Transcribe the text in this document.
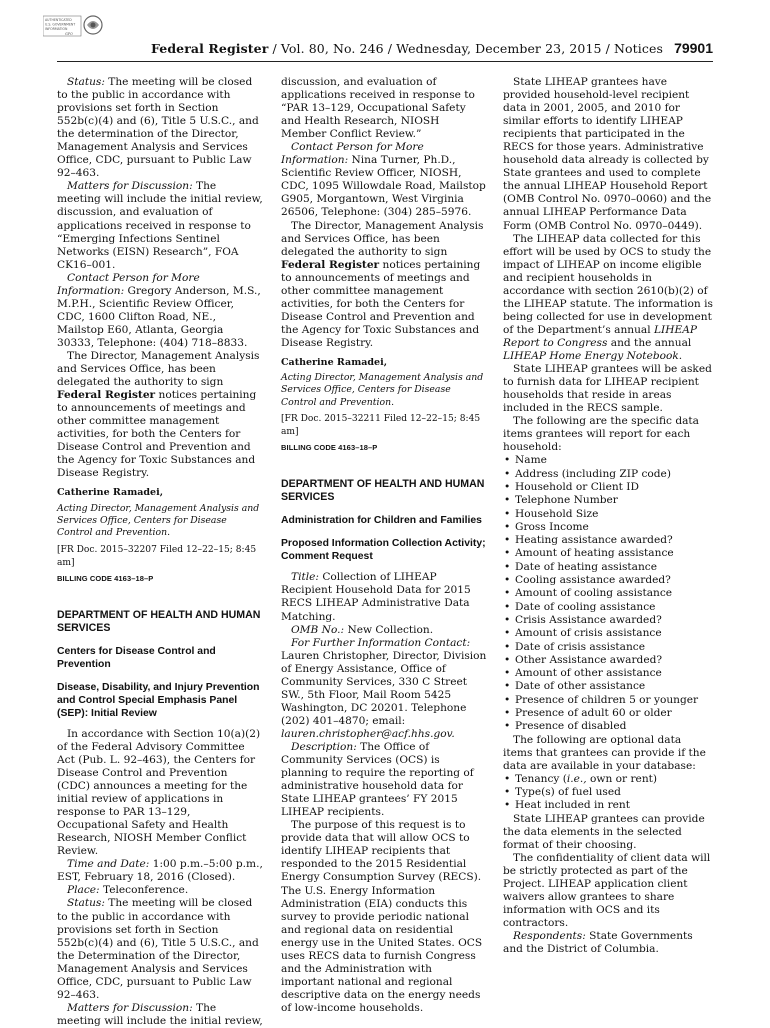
AUTHENTICATED
U.S. GOVERNMENT
INFORMATION
GPO
Federal Register / Vol. 80, No. 246 / Wednesday, December 23, 2015 / Notices 79901

Status: The meeting will be closed to the public in accordance with provisions set forth in Section 552b(c)(4) and (6), Title 5 U.S.C., and the determination of the Director, Management Analysis and Services Office, CDC, pursuant to Public Law 92–463.

Matters for Discussion: The meeting will include the initial review, discussion, and evaluation of applications received in response to “Emerging Infections Sentinel Networks (EISN) Research”, FOA CK16–001.

Contact Person for More Information: Gregory Anderson, M.S., M.P.H., Scientific Review Officer, CDC, 1600 Clifton Road, NE., Mailstop E60, Atlanta, Georgia 30333, Telephone: (404) 718–8833.

The Director, Management Analysis and Services Office, has been delegated the authority to sign Federal Register notices pertaining to announcements of meetings and other committee management activities, for both the Centers for Disease Control and Prevention and the Agency for Toxic Substances and Disease Registry.

Catherine Ramadei,

Acting Director, Management Analysis and Services Office, Centers for Disease Control and Prevention.

[FR Doc. 2015–32207 Filed 12–22–15; 8:45 am]

BILLING CODE 4163–18–P

DEPARTMENT OF HEALTH AND HUMAN SERVICES

Centers for Disease Control and Prevention

Disease, Disability, and Injury Prevention and Control Special Emphasis Panel (SEP): Initial Review

In accordance with Section 10(a)(2) of the Federal Advisory Committee Act (Pub. L. 92–463), the Centers for Disease Control and Prevention (CDC) announces a meeting for the initial review of applications in response to PAR 13–129, Occupational Safety and Health Research, NIOSH Member Conflict Review.

Time and Date: 1:00 p.m.–5:00 p.m., EST, February 18, 2016 (Closed).

Place: Teleconference.

Status: The meeting will be closed to the public in accordance with provisions set forth in Section 552b(c)(4) and (6), Title 5 U.S.C., and the Determination of the Director, Management Analysis and Services Office, CDC, pursuant to Public Law 92–463.

Matters for Discussion: The meeting will include the initial review,

discussion, and evaluation of applications received in response to “PAR 13–129, Occupational Safety and Health Research, NIOSH Member Conflict Review.”

Contact Person for More Information: Nina Turner, Ph.D., Scientific Review Officer, NIOSH, CDC, 1095 Willowdale Road, Mailstop G905, Morgantown, West Virginia 26506, Telephone: (304) 285–5976.

The Director, Management Analysis and Services Office, has been delegated the authority to sign Federal Register notices pertaining to announcements of meetings and other committee management activities, for both the Centers for Disease Control and Prevention and the Agency for Toxic Substances and Disease Registry.

Catherine Ramadei,

Acting Director, Management Analysis and Services Office, Centers for Disease Control and Prevention.

[FR Doc. 2015–32211 Filed 12–22–15; 8:45 am]

BILLING CODE 4163–18–P

DEPARTMENT OF HEALTH AND HUMAN SERVICES

Administration for Children and Families

Proposed Information Collection Activity; Comment Request

Title: Collection of LIHEAP Recipient Household Data for 2015 RECS LIHEAP Administrative Data Matching.

OMB No.: New Collection.

For Further Information Contact: Lauren Christopher, Director, Division of Energy Assistance, Office of Community Services, 330 C Street SW., 5th Floor, Mail Room 5425 Washington, DC 20201. Telephone (202) 401–4870; email: lauren.christopher@acf.hhs.gov.

Description: The Office of Community Services (OCS) is planning to require the reporting of administrative household data for State LIHEAP grantees’ FY 2015 LIHEAP recipients.

The purpose of this request is to provide data that will allow OCS to identify LIHEAP recipients that responded to the 2015 Residential Energy Consumption Survey (RECS). The U.S. Energy Information Administration (EIA) conducts this survey to provide periodic national and regional data on residential energy use in the United States. OCS uses RECS data to furnish Congress and the Administration with important national and regional descriptive data on the energy needs of low-income households.

State LIHEAP grantees have provided household-level recipient data in 2001, 2005, and 2010 for similar efforts to identify LIHEAP recipients that participated in the RECS for those years. Administrative household data already is collected by State grantees and used to complete the annual LIHEAP Household Report (OMB Control No. 0970–0060) and the annual LIHEAP Performance Data Form (OMB Control No. 0970–0449).

The LIHEAP data collected for this effort will be used by OCS to study the impact of LIHEAP on income eligible and recipient households in accordance with section 2610(b)(2) of the LIHEAP statute. The information is being collected for use in development of the Department’s annual LIHEAP Report to Congress and the annual LIHEAP Home Energy Notebook.

State LIHEAP grantees will be asked to furnish data for LIHEAP recipient households that reside in areas included in the RECS sample.

The following are the specific data items grantees will report for each household:

• Name
• Address (including ZIP code)
• Household or Client ID
• Telephone Number
• Household Size
• Gross Income
• Heating assistance awarded?
• Amount of heating assistance
• Date of heating assistance
• Cooling assistance awarded?
• Amount of cooling assistance
• Date of cooling assistance
• Crisis Assistance awarded?
• Amount of crisis assistance
• Date of crisis assistance
• Other Assistance awarded?
• Amount of other assistance
• Date of other assistance
• Presence of children 5 or younger
• Presence of adult 60 or older
• Presence of disabled

The following are optional data items that grantees can provide if the data are available in your database:

• Tenancy (i.e., own or rent)
• Type(s) of fuel used
• Heat included in rent

State LIHEAP grantees can provide the data elements in the selected format of their choosing.

The confidentiality of client data will be strictly protected as part of the Project. LIHEAP application client waivers allow grantees to share information with OCS and its contractors.

Respondents: State Governments and the District of Columbia.
